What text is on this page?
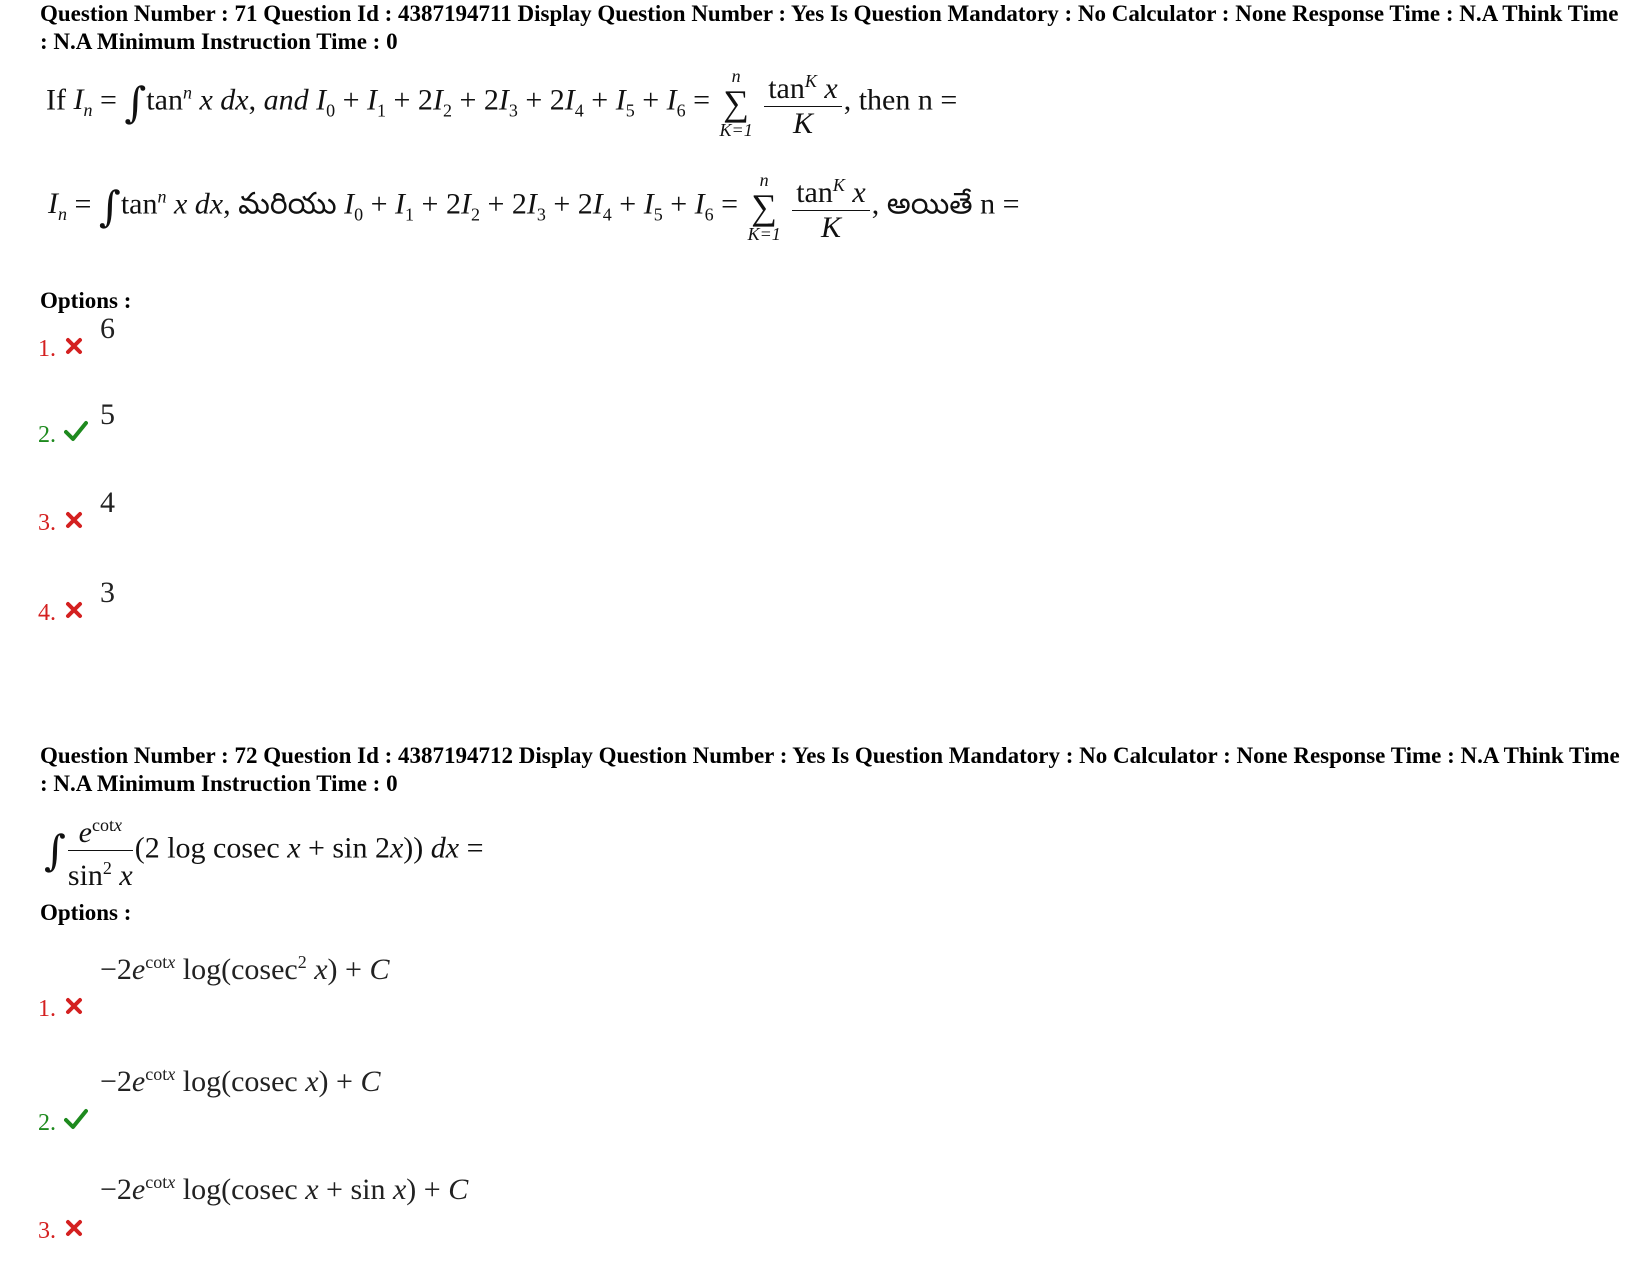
Question Number : 71 Question Id : 4387194711 Display Question Number : Yes Is Question Mandatory : No Calculator : None Response Time : N.A Think Time : N.A Minimum Instruction Time : 0
If $I_n = \int\tan^n$ x dx, and $I_0 + I_1 + 2I_2 + 2I_3 + 2I_4 + I_5 + I_6$ =
n
∑
K=1
$\frac{\tan^K x}{K}$ , then n =
$I_n = \int\tan^n$ x dx, మరియు $I_0 + I_1 + 2I_2 + 2I_3 + 2I_4 + I_5 + I_6$ =
n
∑
K=1
$\frac{\tan^K x}{K}$ , అయితే n =
Options :
1.
6
2.
5
3.
4
4.
3
Question Number : 72 Question Id : 4387194712 Display Question Number : Yes Is Question Mandatory : No Calculator : None Response Time : N.A Think Time : N.A Minimum Instruction Time : 0
∫ $\frac{e^{cotx}}{\sin^2 x} (2$ log cosec x + sin 2x)) dx =
Options :
1.
$-2e^{cotx}$ log(cosec$^2$ x) + C
2.
$-2e^{cotx}$ log(cosec x) + C
3.
$-2e^{cotx}$ log(cosec x + sin x) + C
